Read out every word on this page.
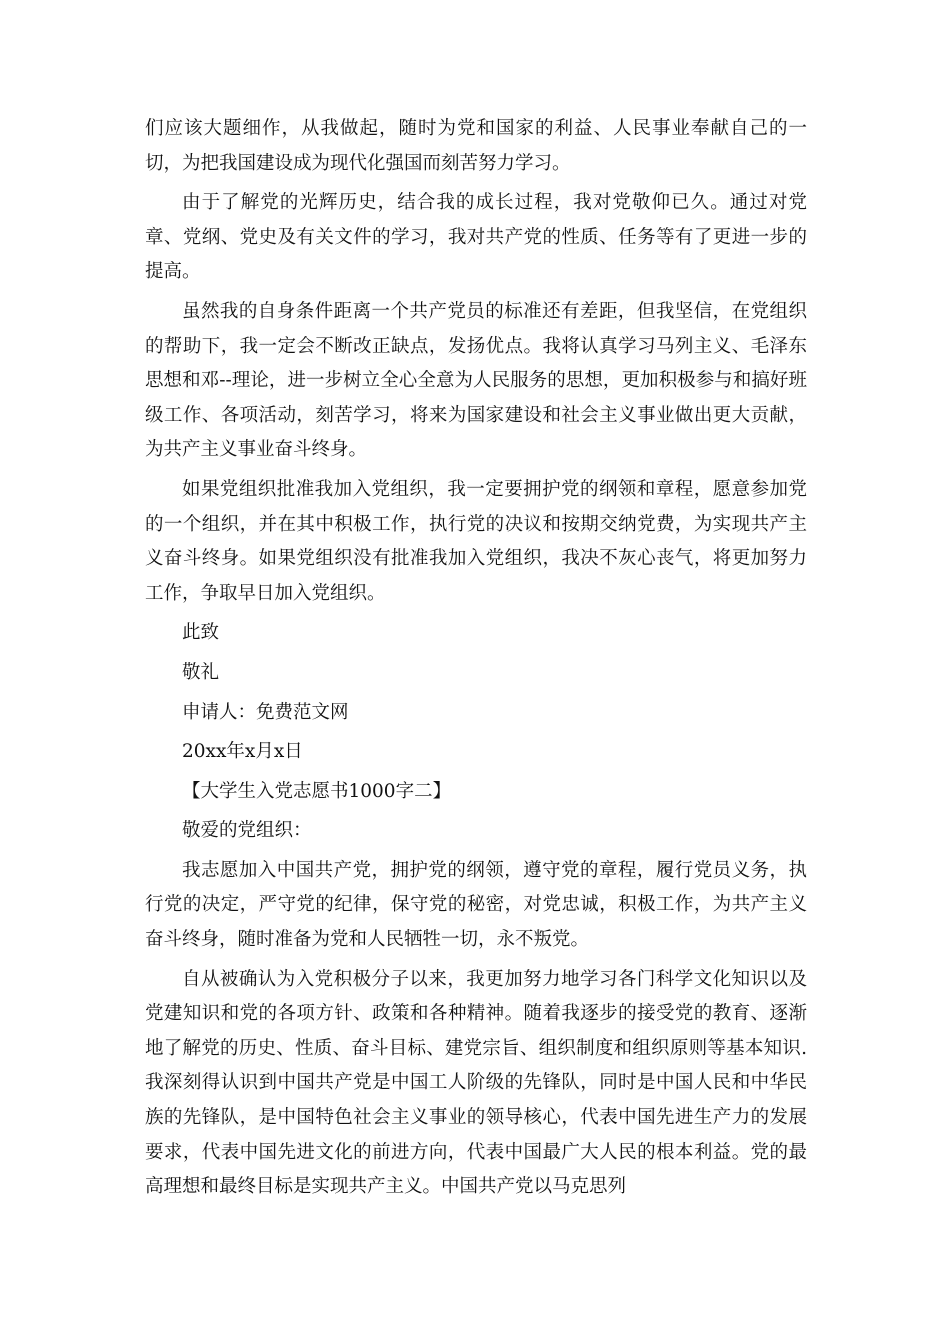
们应该大题细作，从我做起，随时为党和国家的利益、人民事业奉献自己的一切，为把我国建设成为现代化强国而刻苦努力学习。

由于了解党的光辉历史，结合我的成长过程，我对党敬仰已久。通过对党章、党纲、党史及有关文件的学习，我对共产党的性质、任务等有了更进一步的提高。

虽然我的自身条件距离一个共产党员的标准还有差距，但我坚信，在党组织的帮助下，我一定会不断改正缺点，发扬优点。我将认真学习马列主义、毛泽东思想和邓--理论，进一步树立全心全意为人民服务的思想，更加积极参与和搞好班级工作、各项活动，刻苦学习，将来为国家建设和社会主义事业做出更大贡献，为共产主义事业奋斗终身。

如果党组织批准我加入党组织，我一定要拥护党的纲领和章程，愿意参加党的一个组织，并在其中积极工作，执行党的决议和按期交纳党费，为实现共产主义奋斗终身。如果党组织没有批准我加入党组织，我决不灰心丧气，将更加努力工作，争取早日加入党组织。

此致

敬礼

申请人：免费范文网

20xx年x月x日

【大学生入党志愿书1000字二】

敬爱的党组织：

我志愿加入中国共产党，拥护党的纲领，遵守党的章程，履行党员义务，执行党的决定，严守党的纪律，保守党的秘密，对党忠诚，积极工作，为共产主义奋斗终身，随时准备为党和人民牺牲一切，永不叛党。

自从被确认为入党积极分子以来，我更加努力地学习各门科学文化知识以及党建知识和党的各项方针、政策和各种精神。随着我逐步的接受党的教育、逐渐地了解党的历史、性质、奋斗目标、建党宗旨、组织制度和组织原则等基本知识.我深刻得认识到中国共产党是中国工人阶级的先锋队，同时是中国人民和中华民族的先锋队，是中国特色社会主义事业的领导核心，代表中国先进生产力的发展要求，代表中国先进文化的前进方向，代表中国最广大人民的根本利益。党的最高理想和最终目标是实现共产主义。中国共产党以马克思列
